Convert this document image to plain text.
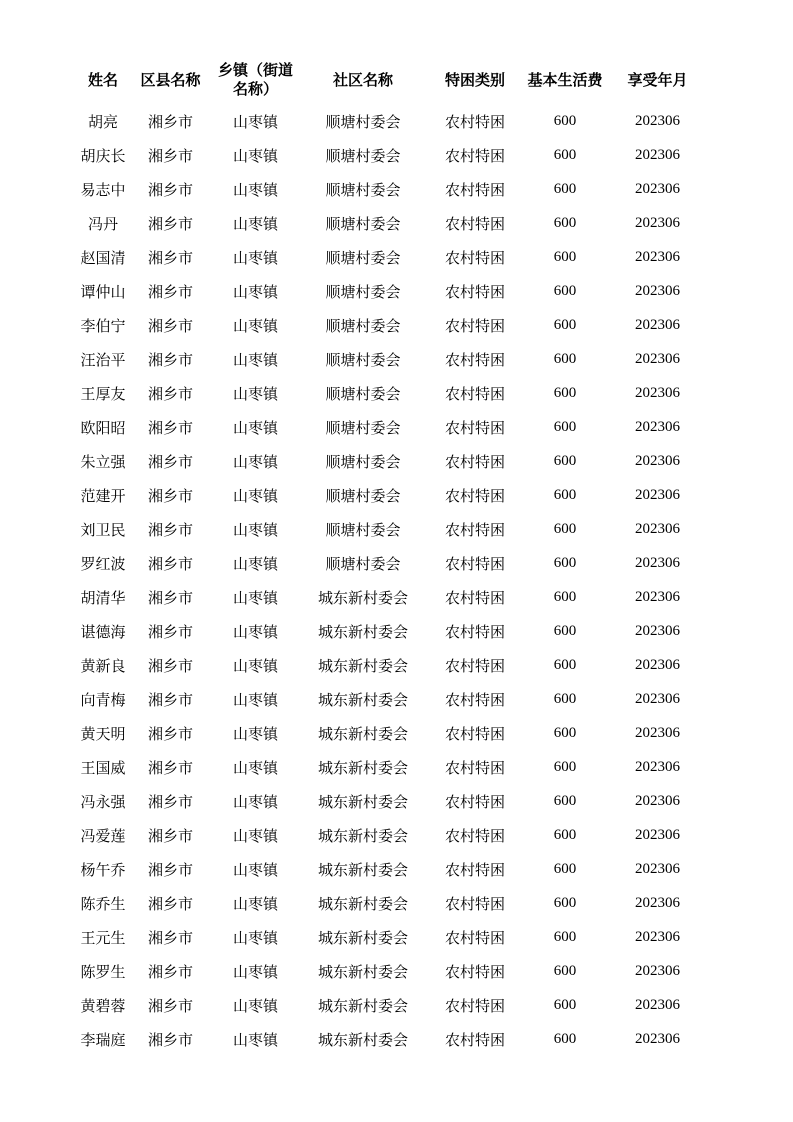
姓名	区县名称	乡镇（街道名称）	社区名称	特困类别	基本生活费	享受年月
胡亮	湘乡市	山枣镇	顺塘村委会	农村特困	600	202306
胡庆长	湘乡市	山枣镇	顺塘村委会	农村特困	600	202306
易志中	湘乡市	山枣镇	顺塘村委会	农村特困	600	202306
冯丹	湘乡市	山枣镇	顺塘村委会	农村特困	600	202306
赵国清	湘乡市	山枣镇	顺塘村委会	农村特困	600	202306
谭仲山	湘乡市	山枣镇	顺塘村委会	农村特困	600	202306
李伯宁	湘乡市	山枣镇	顺塘村委会	农村特困	600	202306
汪治平	湘乡市	山枣镇	顺塘村委会	农村特困	600	202306
王厚友	湘乡市	山枣镇	顺塘村委会	农村特困	600	202306
欧阳昭	湘乡市	山枣镇	顺塘村委会	农村特困	600	202306
朱立强	湘乡市	山枣镇	顺塘村委会	农村特困	600	202306
范建开	湘乡市	山枣镇	顺塘村委会	农村特困	600	202306
刘卫民	湘乡市	山枣镇	顺塘村委会	农村特困	600	202306
罗红波	湘乡市	山枣镇	顺塘村委会	农村特困	600	202306
胡清华	湘乡市	山枣镇	城东新村委会	农村特困	600	202306
谌德海	湘乡市	山枣镇	城东新村委会	农村特困	600	202306
黄新良	湘乡市	山枣镇	城东新村委会	农村特困	600	202306
向青梅	湘乡市	山枣镇	城东新村委会	农村特困	600	202306
黄天明	湘乡市	山枣镇	城东新村委会	农村特困	600	202306
王国威	湘乡市	山枣镇	城东新村委会	农村特困	600	202306
冯永强	湘乡市	山枣镇	城东新村委会	农村特困	600	202306
冯爱莲	湘乡市	山枣镇	城东新村委会	农村特困	600	202306
杨午乔	湘乡市	山枣镇	城东新村委会	农村特困	600	202306
陈乔生	湘乡市	山枣镇	城东新村委会	农村特困	600	202306
王元生	湘乡市	山枣镇	城东新村委会	农村特困	600	202306
陈罗生	湘乡市	山枣镇	城东新村委会	农村特困	600	202306
黄碧蓉	湘乡市	山枣镇	城东新村委会	农村特困	600	202306
李瑞庭	湘乡市	山枣镇	城东新村委会	农村特困	600	202306
